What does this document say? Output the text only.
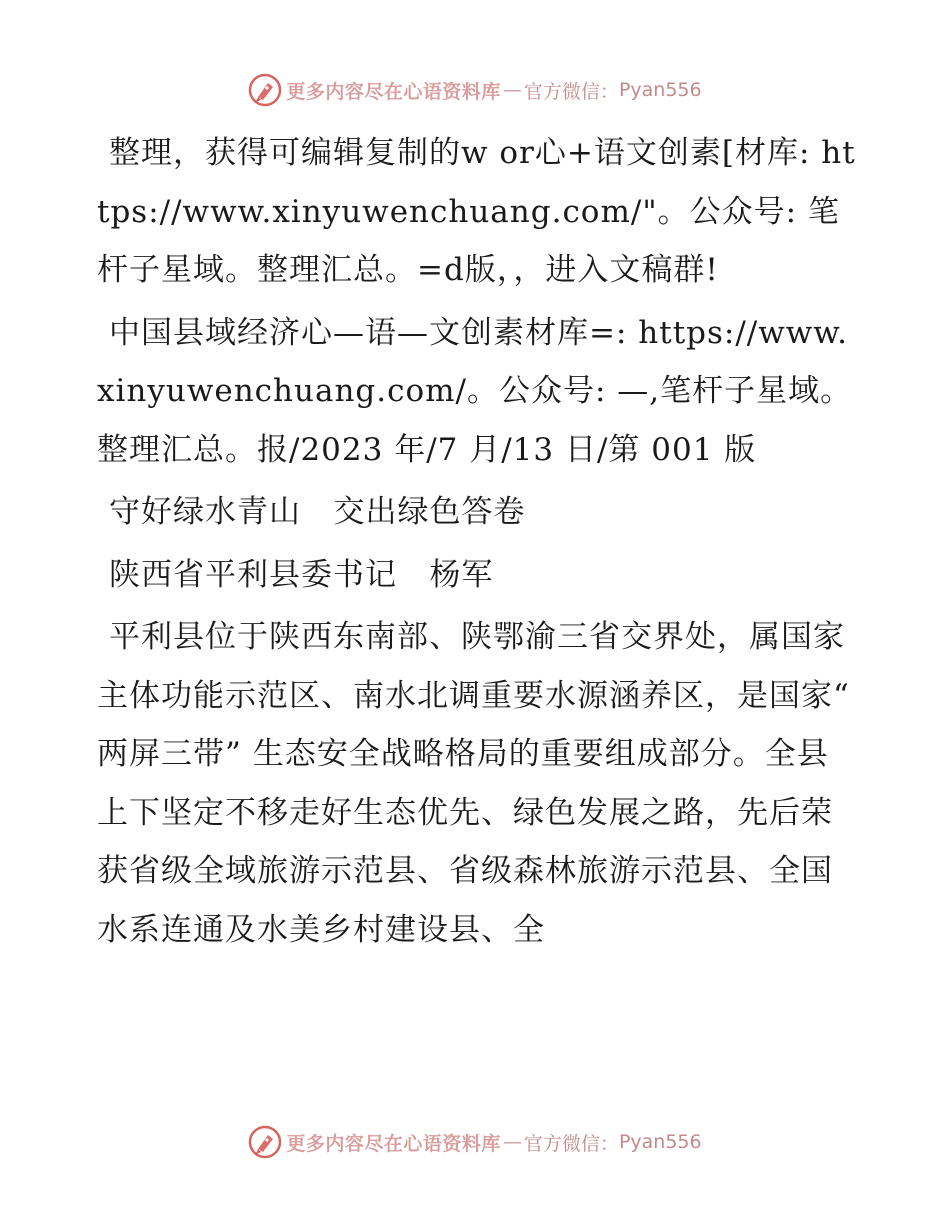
更多内容尽在心语资料库 — 官方微信： Pyan556

整理，获得可编辑复制的w or心+语文创素[材库: https://www.xinyuwenchuang.com/"。公众号: 笔杆子星域。整理汇总。=d版，，进入文稿群!

中国县域经济心—语—文创素材库=: https://www.xinyuwenchuang.com/。公众号: —,笔杆子星域。整理汇总。报/2023 年/7 月/13 日/第 001 版

守好绿水青山   交出绿色答卷

陕西省平利县委书记   杨军

平利县位于陕西东南部、陕鄂渝三省交界处，属国家主体功能示范区、南水北调重要水源涵养区，是国家“ 两屏三带” 生态安全战略格局的重要组成部分。全县上下坚定不移走好生态优先、绿色发展之路，先后荣获省级全域旅游示范县、省级森林旅游示范县、全国水系连通及水美乡村建设县、全

更多内容尽在心语资料库 — 官方微信： Pyan556
